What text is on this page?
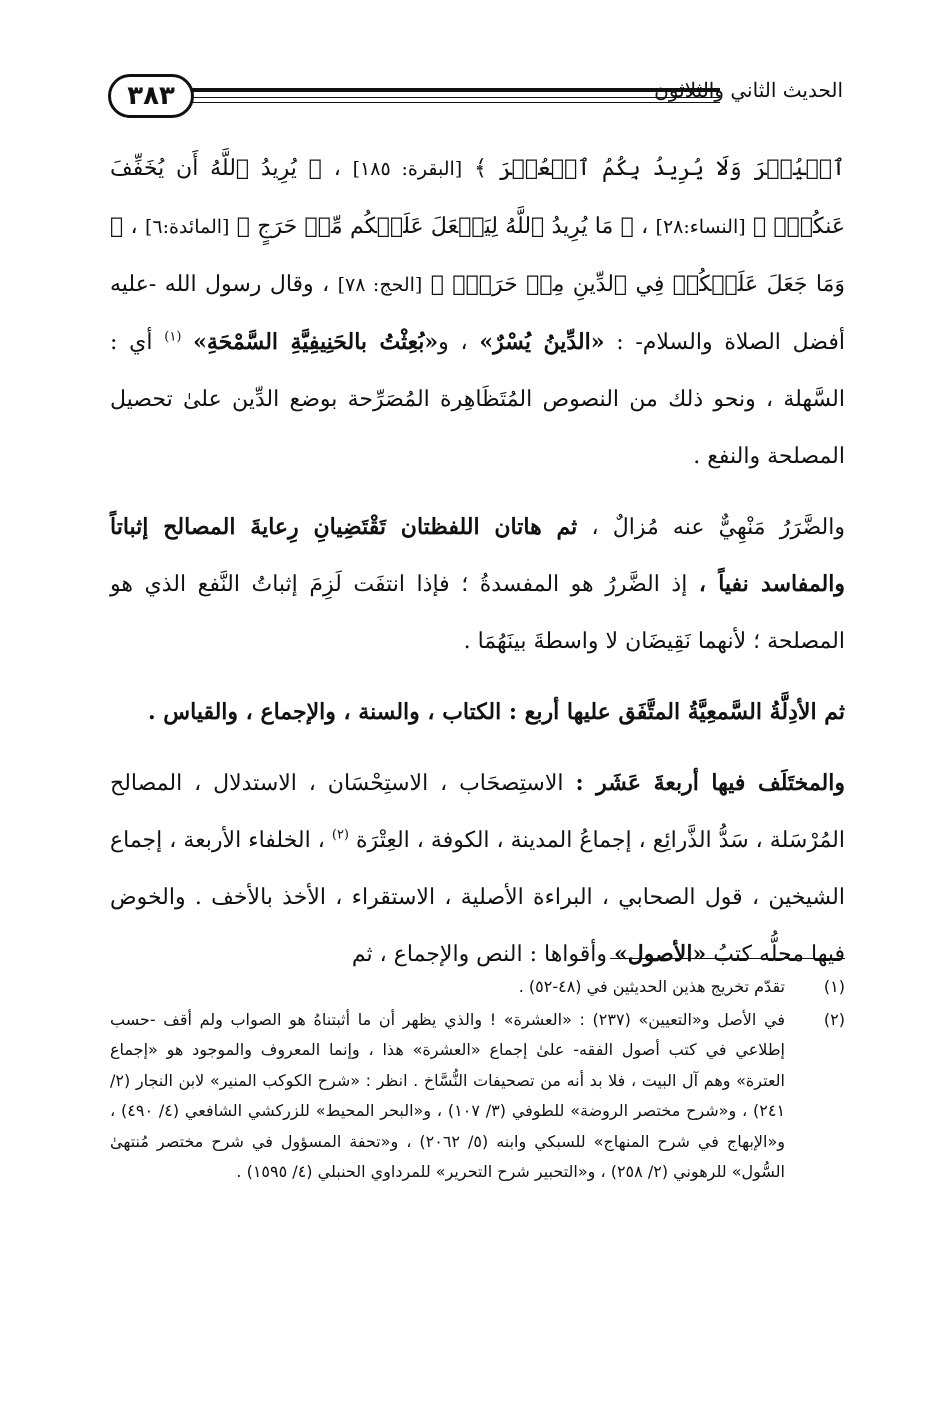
٣٨٣	الحديث الثاني والثلاثون

ٱلۡيُسۡرَ وَلَا يُرِيدُ بِكُمُ ٱلۡعُسۡرَ ﴾ [البقرة: ١٨٥] ، ﴿ يُرِيدُ ٱللَّهُ أَن يُخَفِّفَ عَنكُمۡۚ ﴾ [النساء:٢٨] ، ﴿ مَا يُرِيدُ ٱللَّهُ لِيَجۡعَلَ عَلَيۡكُم مِّنۡ حَرَجٍ ﴾ [المائدة:٦] ، ﴿ وَمَا جَعَلَ عَلَيۡكُمۡ فِي ٱلدِّينِ مِنۡ حَرَجٍۚ ﴾ [الحج: ٧٨] ، وقال رسول الله -عليه أفضل الصلاة والسلام- : «الدِّينُ يُسْرٌ» ، و«بُعِثْتُ بالحَنِيفِيَّةِ السَّمْحَةِ» $^{(١)}$ أي : السَّهلة ، ونحو ذلك من النصوص المُتَظَاهِرة المُصَرِّحة بوضع الدِّين علىٰ تحصيل المصلحة والنفع .

والضَّرَرُ مَنْهِيٌّ عنه مُزالٌ ، ثم هاتان اللفظتان تَقْتَضِيانِ رِعايةَ المصالح إثباتاً والمفاسد نفياً ، إذ الضَّررُ هو المفسدةُ ؛ فإذا انتفَت لَزِمَ إثباتُ النَّفع الذي هو المصلحة ؛ لأنهما نَقِيضَان لا واسطةَ بينَهُمَا .

ثم الأدِلَّةُ السَّمعِيَّةُ المتَّفَق عليها أربع : الكتاب ، والسنة ، والإجماع ، والقياس .

والمختَلَف فيها أربعةَ عَشَر : الاستِصحَاب ، الاستِحْسَان ، الاستدلال ، المصالح المُرْسَلة ، سَدُّ الذَّرائِع ، إجماعُ المدينة ، الكوفة ، العِتْرَة $^{(٢)}$ ، الخلفاء الأربعة ، إجماع الشيخين ، قول الصحابي ، البراءة الأصلية ، الاستقراء ، الأخذ بالأخف . والخوض فيها محلُّه كتبُ «الأصول» وأقواها : النص والإجماع ، ثم

(١)
تقدّم تخريج هذين الحديثين في (٤٨-٥٢) .
(٢)
في الأصل و«التعيين» (٢٣٧) : «العشرة» ! والذي يظهر أن ما أثبتناهُ هو الصواب ولم أقف -حسب إطلاعي في كتب أصول الفقه- علىٰ إجماع «العشرة» هذا ، وإنما المعروف والموجود هو «إجماع العترة» وهم آل البيت ، فلا بد أنه من تصحيفات النُّسَّاخ . انظر : «شرح الكوكب المنير» لابن النجار (٢/ ٢٤١) ، و«شرح مختصر الروضة» للطوفي (٣/ ١٠٧) ، و«البحر المحيط» للزركشي الشافعي (٤/ ٤٩٠) ، و«الإبهاج في شرح المنهاج» للسبكي وابنه (٥/ ٢٠٦٢) ، و«تحفة المسؤول في شرح مختصر مُنتهىٰ السُّول» للرهوني (٢/ ٢٥٨) ، و«التحبير شرح التحرير» للمرداوي الحنبلي (٤/ ١٥٩٥) .
